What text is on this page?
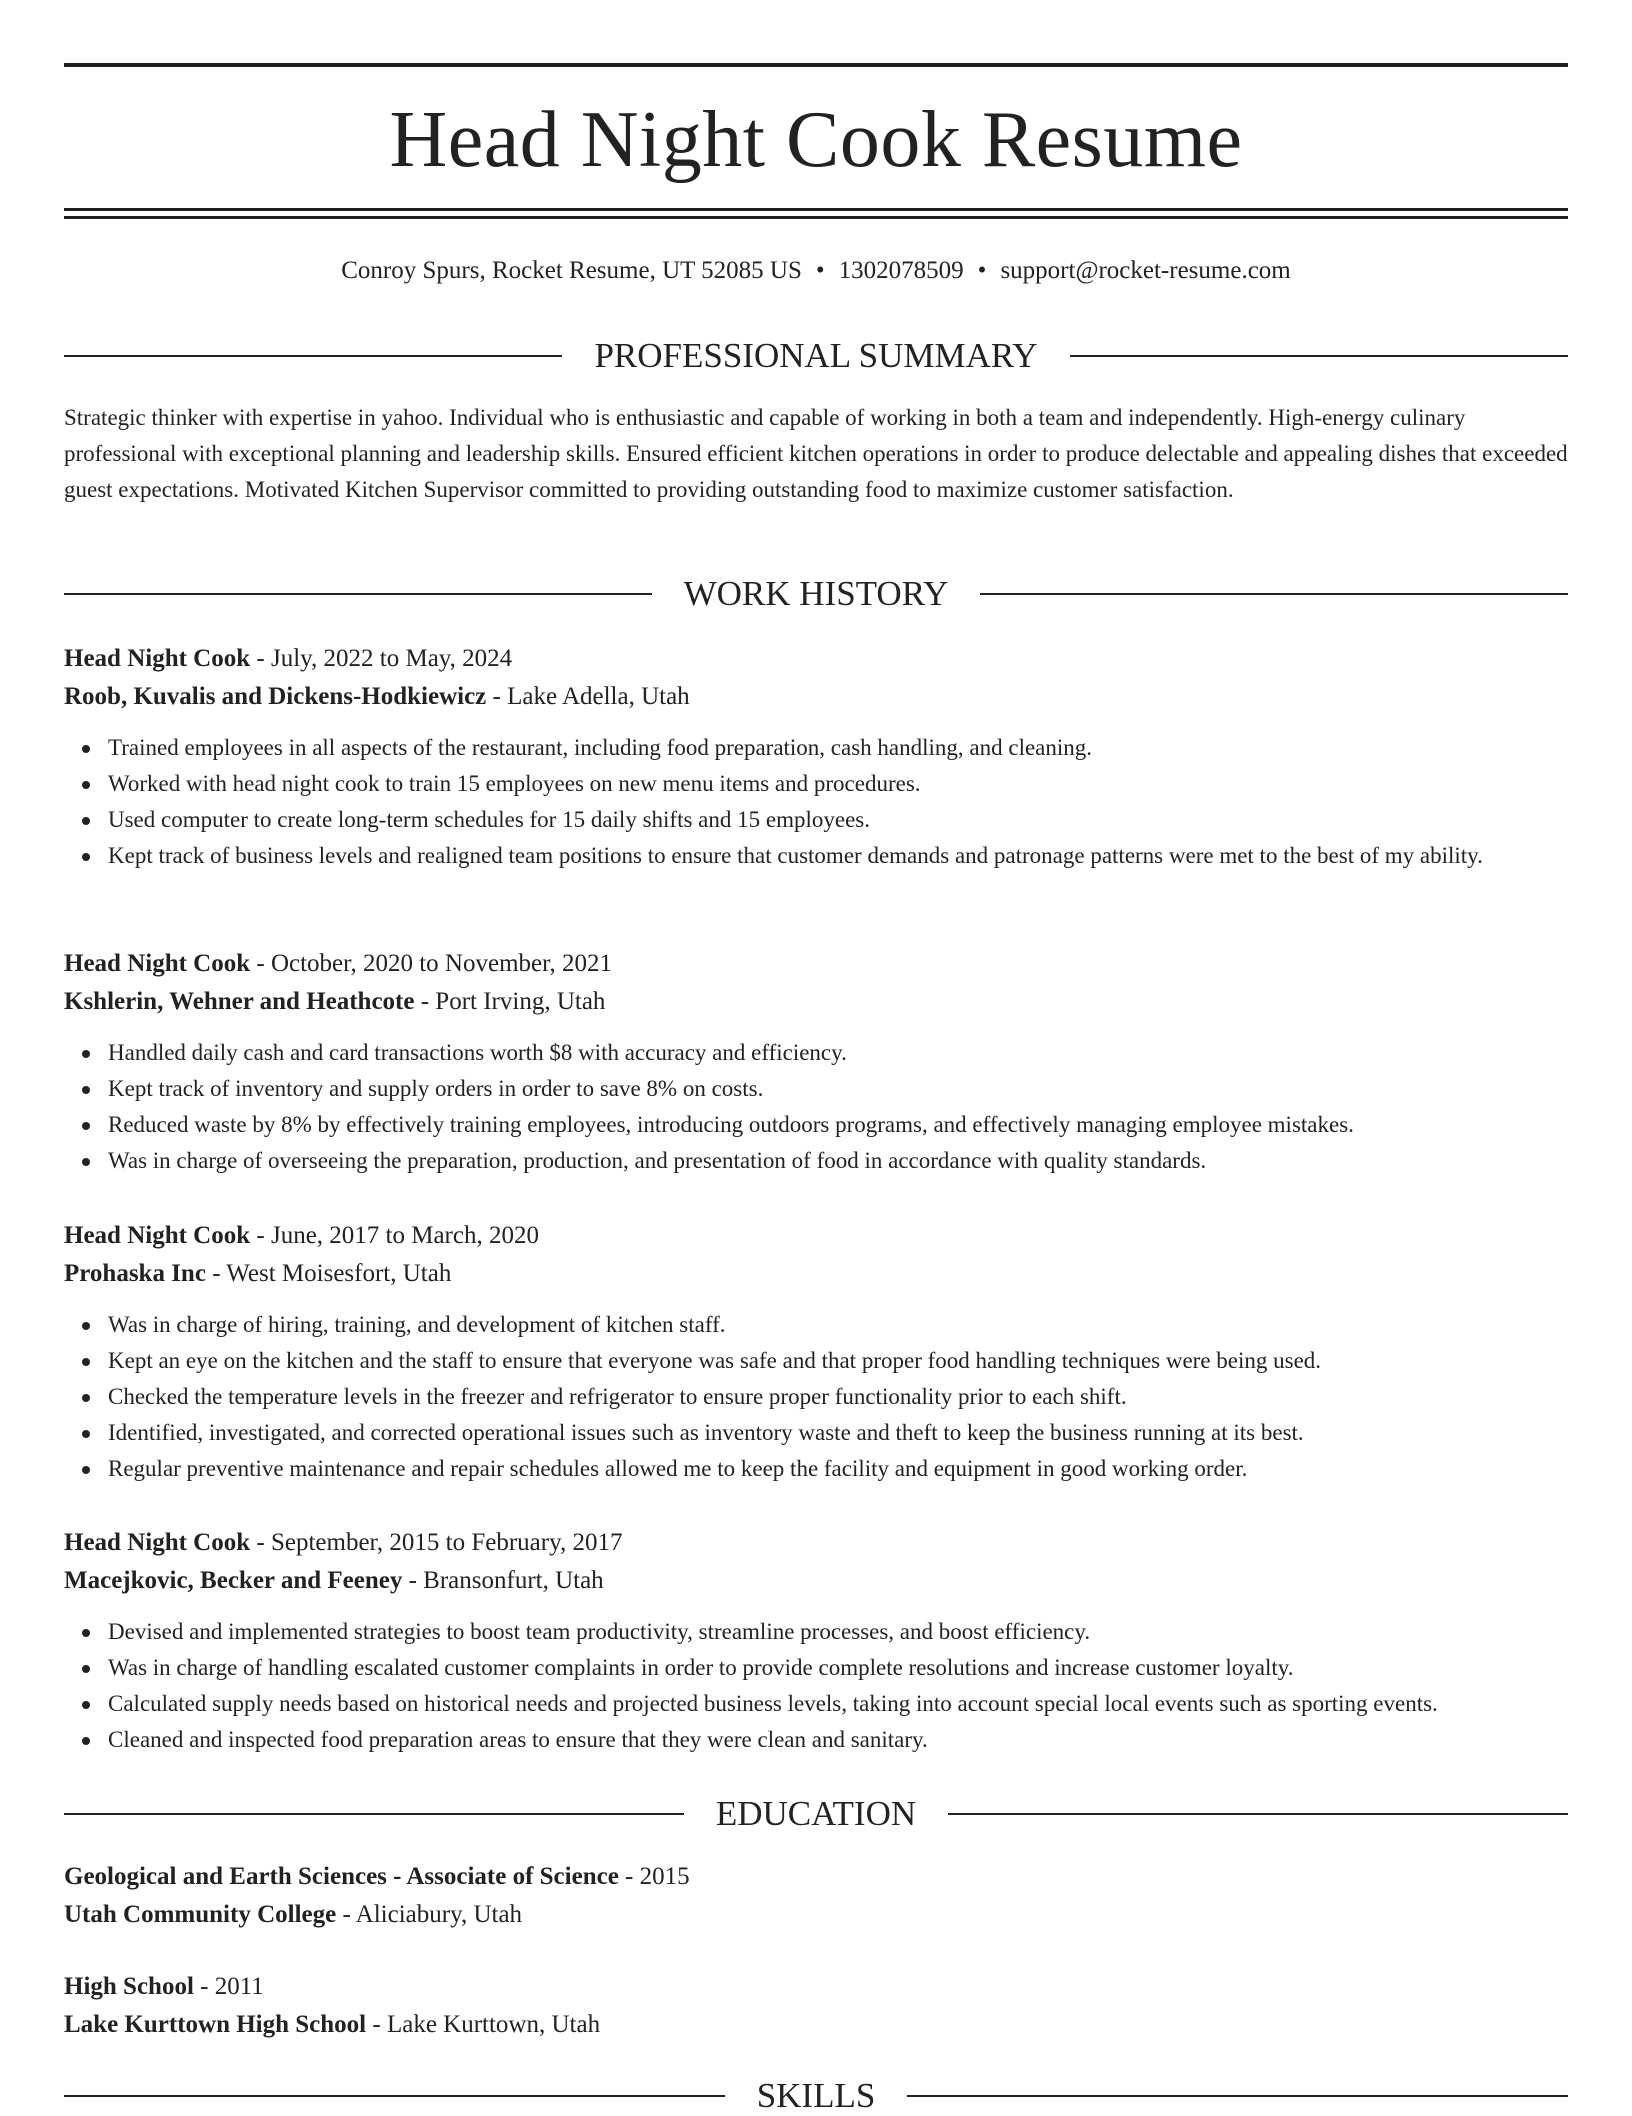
Head Night Cook Resume
Conroy Spurs, Rocket Resume, UT 52085 US • 1302078509 • support@rocket-resume.com
PROFESSIONAL SUMMARY

Strategic thinker with expertise in yahoo. Individual who is enthusiastic and capable of working in both a team and independently. High-energy culinary professional with exceptional planning and leadership skills. Ensured efficient kitchen operations in order to produce delectable and appealing dishes that exceeded guest expectations. Motivated Kitchen Supervisor committed to providing outstanding food to maximize customer satisfaction.

WORK HISTORY
Head Night Cook - July, 2022 to May, 2024
Roob, Kuvalis and Dickens-Hodkiewicz - Lake Adella, Utah
Trained employees in all aspects of the restaurant, including food preparation, cash handling, and cleaning.
Worked with head night cook to train 15 employees on new menu items and procedures.
Used computer to create long-term schedules for 15 daily shifts and 15 employees.
Kept track of business levels and realigned team positions to ensure that customer demands and patronage patterns were met to the best of my ability.
Head Night Cook - October, 2020 to November, 2021
Kshlerin, Wehner and Heathcote - Port Irving, Utah
Handled daily cash and card transactions worth $8 with accuracy and efficiency.
Kept track of inventory and supply orders in order to save 8% on costs.
Reduced waste by 8% by effectively training employees, introducing outdoors programs, and effectively managing employee mistakes.
Was in charge of overseeing the preparation, production, and presentation of food in accordance with quality standards.
Head Night Cook - June, 2017 to March, 2020
Prohaska Inc - West Moisesfort, Utah
Was in charge of hiring, training, and development of kitchen staff.
Kept an eye on the kitchen and the staff to ensure that everyone was safe and that proper food handling techniques were being used.
Checked the temperature levels in the freezer and refrigerator to ensure proper functionality prior to each shift.
Identified, investigated, and corrected operational issues such as inventory waste and theft to keep the business running at its best.
Regular preventive maintenance and repair schedules allowed me to keep the facility and equipment in good working order.
Head Night Cook - September, 2015 to February, 2017
Macejkovic, Becker and Feeney - Bransonfurt, Utah
Devised and implemented strategies to boost team productivity, streamline processes, and boost efficiency.
Was in charge of handling escalated customer complaints in order to provide complete resolutions and increase customer loyalty.
Calculated supply needs based on historical needs and projected business levels, taking into account special local events such as sporting events.
Cleaned and inspected food preparation areas to ensure that they were clean and sanitary.
EDUCATION
Geological and Earth Sciences - Associate of Science - 2015
Utah Community College - Aliciabury, Utah
High School - 2011
Lake Kurttown High School - Lake Kurttown, Utah
SKILLS
